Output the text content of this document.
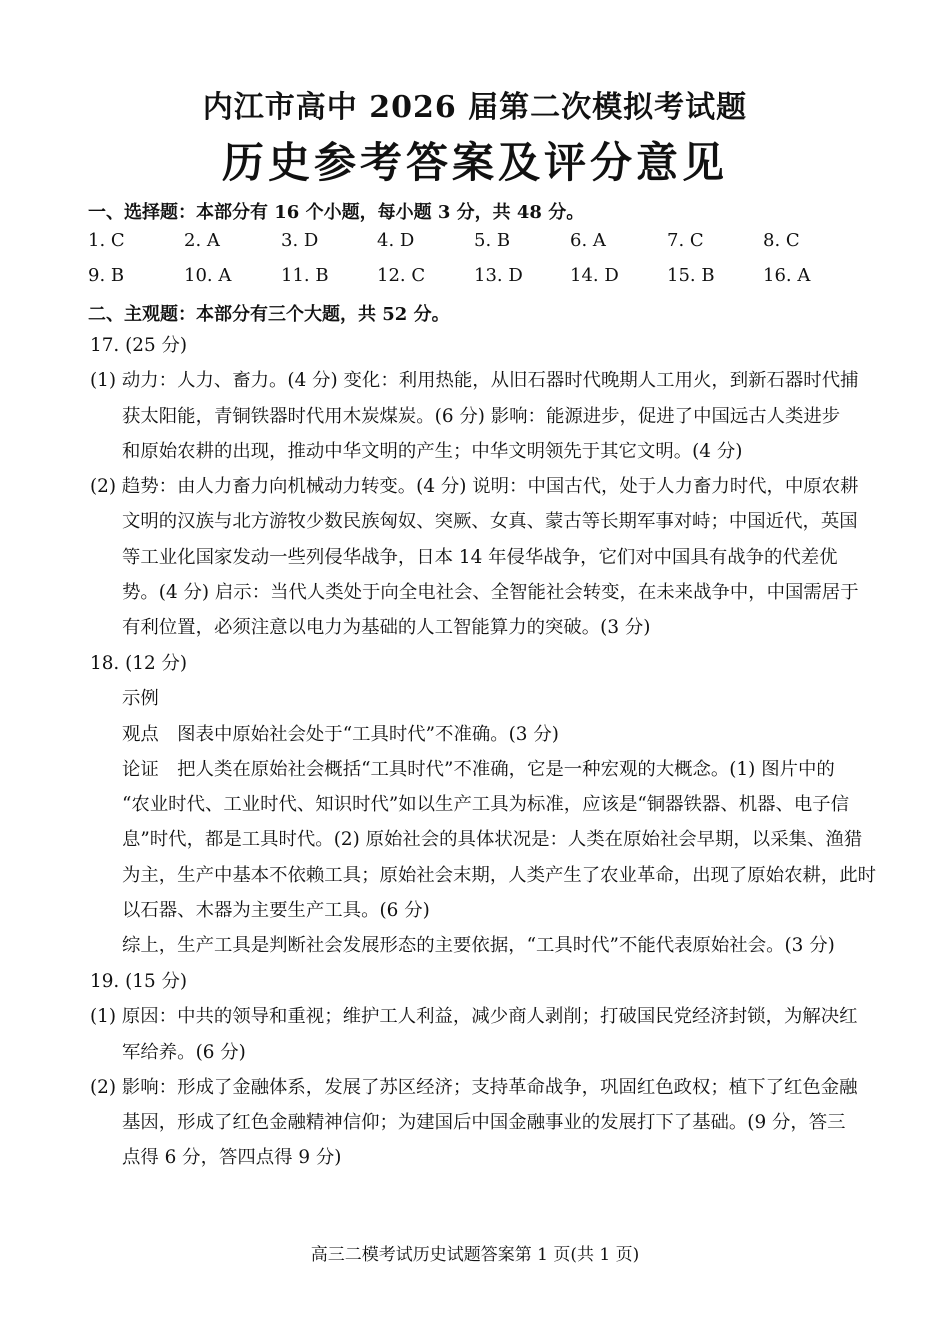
内江市高中 2026 届第二次模拟考试题
历史参考答案及评分意见
一、选择题：本部分有 16 个小题，每小题 3 分，共 48 分。
1. C	2. A	3. D	4. D	5. B	6. A	7. C	8. C
9. B	10. A	11. B	12. C	13. D	14. D	15. B	16. A
二、主观题：本部分有三个大题，共 52 分。
17. (25 分)
(1) 动力：人力、畜力。(4 分) 变化：利用热能，从旧石器时代晚期人工用火，到新石器时代捕
获太阳能，青铜铁器时代用木炭煤炭。(6 分) 影响：能源进步，促进了中国远古人类进步
和原始农耕的出现，推动中华文明的产生；中华文明领先于其它文明。(4 分)
(2) 趋势：由人力畜力向机械动力转变。(4 分) 说明：中国古代，处于人力畜力时代，中原农耕
文明的汉族与北方游牧少数民族匈奴、突厥、女真、蒙古等长期军事对峙；中国近代，英国
等工业化国家发动一些列侵华战争，日本 14 年侵华战争，它们对中国具有战争的代差优
势。(4 分) 启示：当代人类处于向全电社会、全智能社会转变，在未来战争中，中国需居于
有利位置，必须注意以电力为基础的人工智能算力的突破。(3 分)
18. (12 分)
示例
观点　图表中原始社会处于“工具时代”不准确。(3 分)
论证　把人类在原始社会概括“工具时代”不准确，它是一种宏观的大概念。(1) 图片中的
“农业时代、工业时代、知识时代”如以生产工具为标准，应该是“铜器铁器、机器、电子信
息”时代，都是工具时代。(2) 原始社会的具体状况是：人类在原始社会早期，以采集、渔猎
为主，生产中基本不依赖工具；原始社会末期，人类产生了农业革命，出现了原始农耕，此时
以石器、木器为主要生产工具。(6 分)
综上，生产工具是判断社会发展形态的主要依据，“工具时代”不能代表原始社会。(3 分)
19. (15 分)
(1) 原因：中共的领导和重视；维护工人利益，减少商人剥削；打破国民党经济封锁，为解决红
军给养。(6 分)
(2) 影响：形成了金融体系，发展了苏区经济；支持革命战争，巩固红色政权；植下了红色金融
基因，形成了红色金融精神信仰；为建国后中国金融事业的发展打下了基础。(9 分，答三
点得 6 分，答四点得 9 分)
高三二模考试历史试题答案第 1 页(共 1 页)
